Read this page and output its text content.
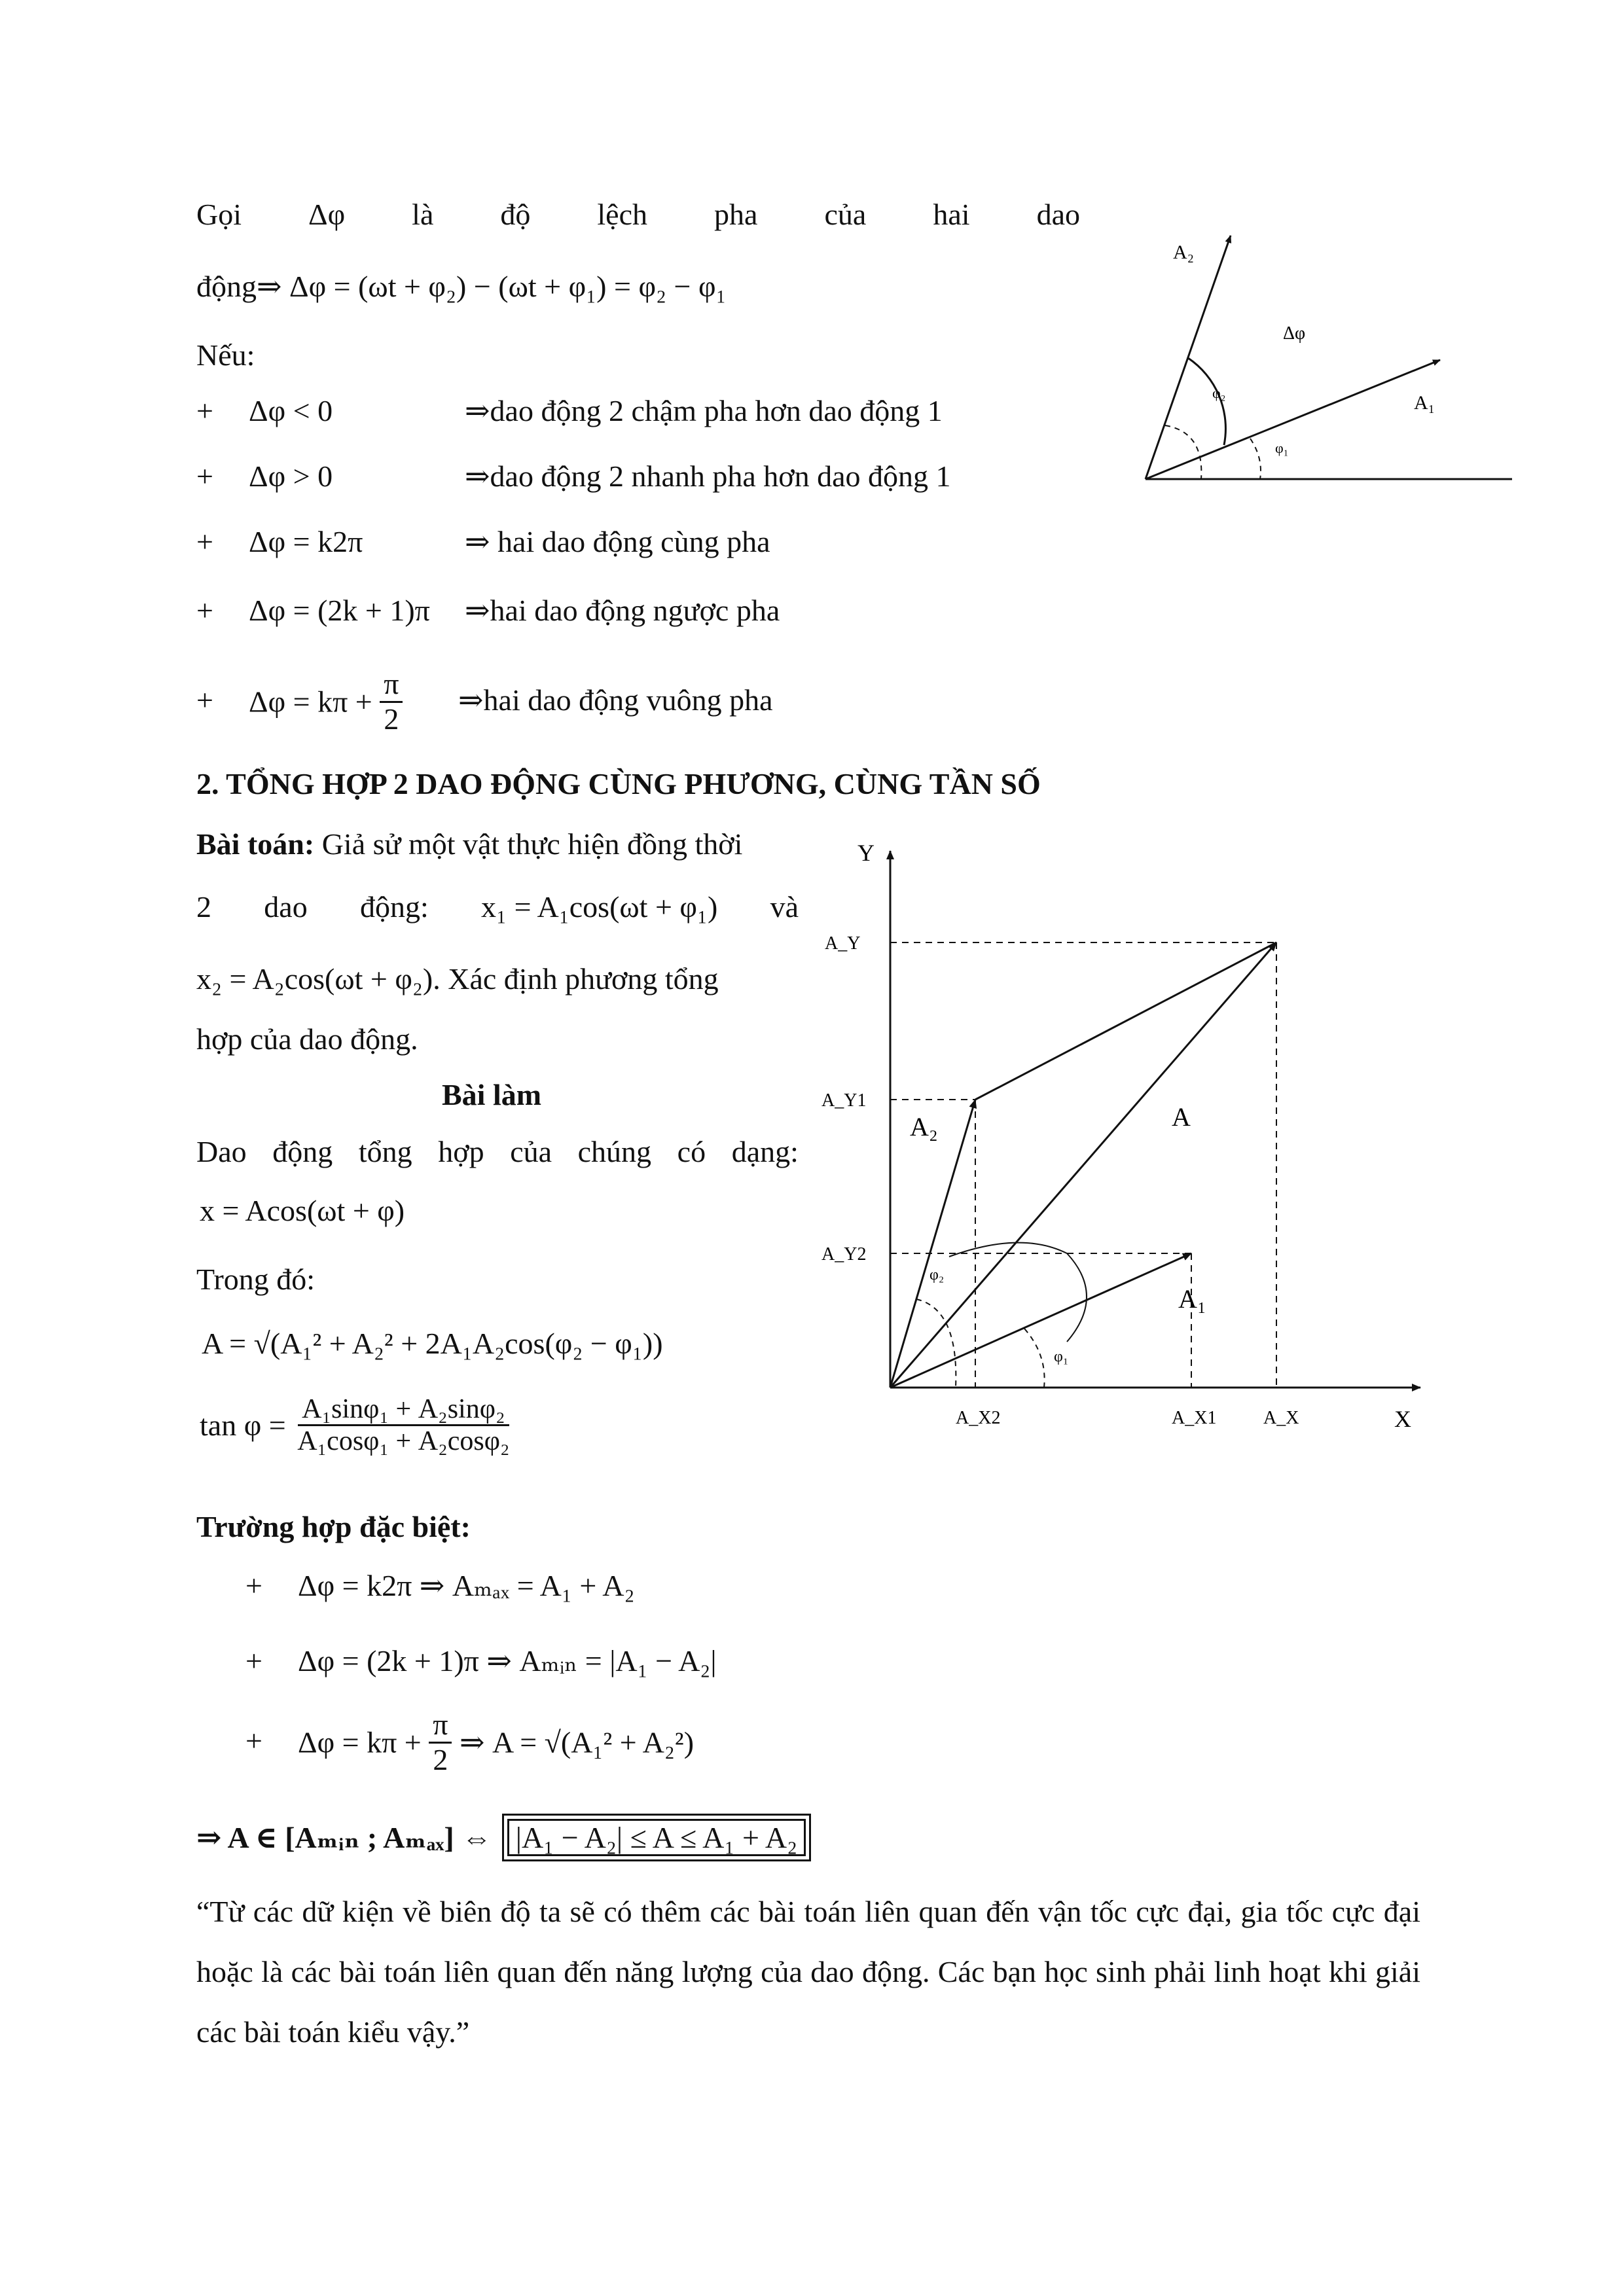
Gọi Δφ là độ lệch pha của hai dao
động⇒ Δφ = (ωt + φ₂) − (ωt + φ₁) = φ₂ − φ₁
Nếu:
+ Δφ < 0	⇒dao động 2 chậm pha hơn dao động 1
+ Δφ > 0	⇒dao động 2 nhanh pha hơn dao động 1
+ Δφ = k2π	⇒ hai dao động cùng pha
+ Δφ = (2k + 1)π ⇒hai dao động ngược pha
+ $\Delta\varphi = k\pi + \frac{\pi}{2}$ ⇒hai dao động vuông pha
A₂
A₁
Δφ
φ₂
φ₁
2. TỔNG HỢP 2 DAO ĐỘNG CÙNG PHƯƠNG, CÙNG TẦN SỐ
Bài toán: Giả sử một vật thực hiện đồng thời
2 dao động: x₁ = A₁cos(ωt + φ₁) và
x₂ = A₂cos(ωt + φ₂). Xác định phương tổng
hợp của dao động.
Bài làm
Dao động tổng hợp của chúng có dạng:
x = Acos(ωt + φ)
Trong đó:
A = √(A₁² + A₂² + 2A₁A₂cos(φ₂ − φ₁))
$\tan \varphi = \frac{\text{A₁sinφ₁ + A₂sinφ₂}}{\text{A₁cosφ₁ + A₂cosφ₂}}$
Trường hợp đặc biệt:
+ Δφ = k2π ⇒ Aₘₐₓ = A₁ + A₂
+ Δφ = (2k + 1)π ⇒ Aₘᵢₙ = |A₁ − A₂|
+ $\Delta\varphi = k\pi + \frac{\pi}{2}$ ⇒ A = √(A₁² + A₂²)
⇒ A ∈ [Aₘᵢₙ ; Aₘₐₓ] ⇔ |A₁ − A₂| ≤ A ≤ A₁ + A₂
“Từ các dữ kiện về biên độ ta sẽ có thêm các bài toán liên quan đến vận tốc cực đại, gia tốc cực đại hoặc là các bài toán liên quan đến năng lượng của dao động. Các bạn học sinh phải linh hoạt khi giải các bài toán kiểu vậy.”
Y
X
A_Y
A_Y1
A_Y2
A_X2	A_X1	A_X
A₂	A
A₁
φ₂
φ₁
